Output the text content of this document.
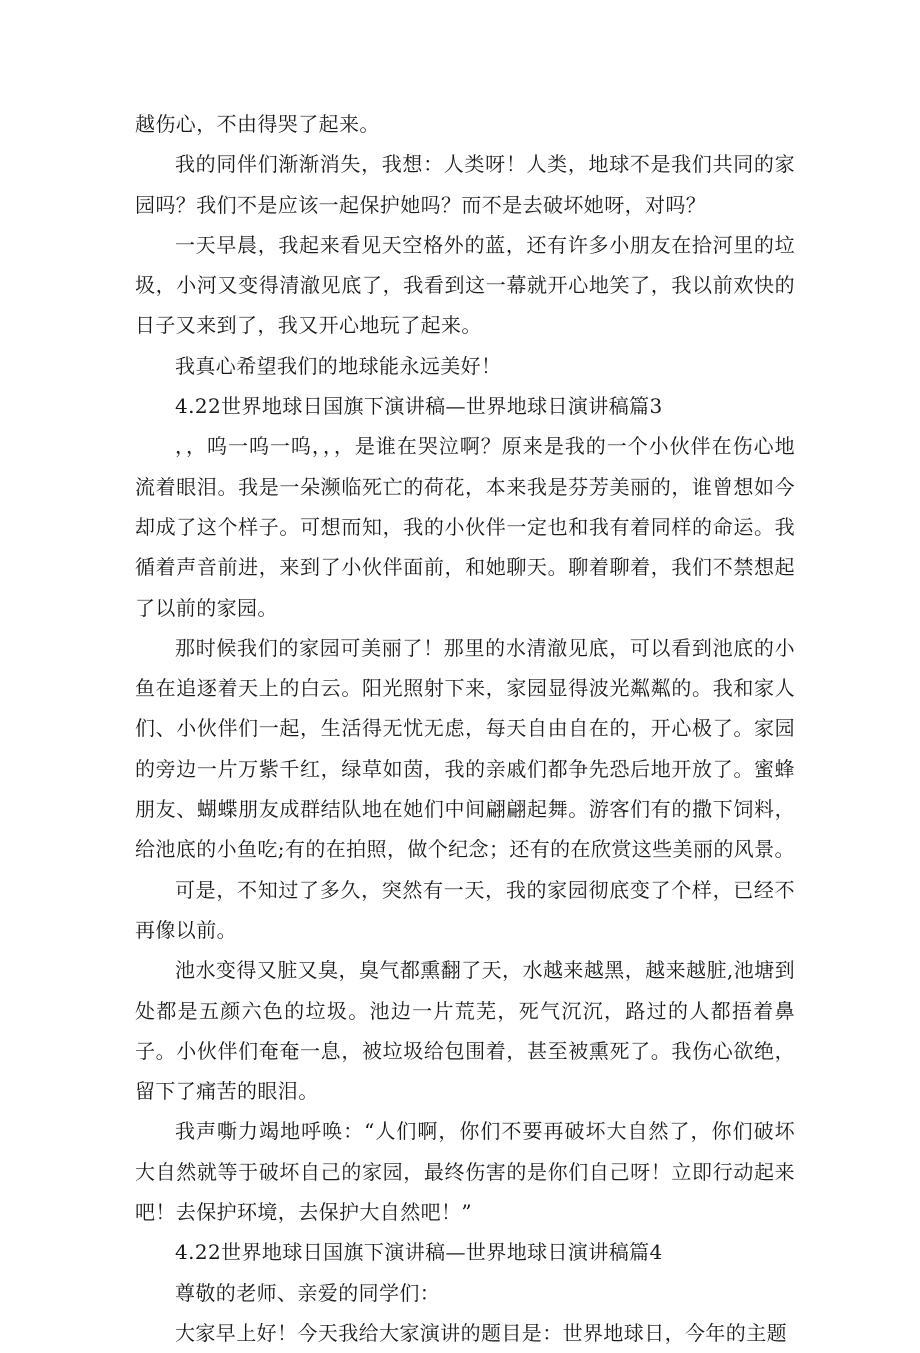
越伤心，不由得哭了起来。

我的同伴们渐渐消失，我想：人类呀！人类，地球不是我们共同的家园吗？我们不是应该一起保护她吗？而不是去破坏她呀，对吗？

一天早晨，我起来看见天空格外的蓝，还有许多小朋友在拾河里的垃圾，小河又变得清澈见底了，我看到这一幕就开心地笑了，我以前欢快的日子又来到了，我又开心地玩了起来。

我真心希望我们的地球能永远美好！

4.22世界地球日国旗下演讲稿—世界地球日演讲稿篇3

，，呜一呜一呜，，，是谁在哭泣啊？原来是我的一个小伙伴在伤心地流着眼泪。我是一朵濒临死亡的荷花，本来我是芬芳美丽的，谁曾想如今却成了这个样子。可想而知，我的小伙伴一定也和我有着同样的命运。我循着声音前进，来到了小伙伴面前，和她聊天。聊着聊着，我们不禁想起了以前的家园。

那时候我们的家园可美丽了！那里的水清澈见底，可以看到池底的小鱼在追逐着天上的白云。阳光照射下来，家园显得波光粼粼的。我和家人们、小伙伴们一起，生活得无忧无虑，每天自由自在的，开心极了。家园的旁边一片万紫千红，绿草如茵，我的亲戚们都争先恐后地开放了。蜜蜂朋友、蝴蝶朋友成群结队地在她们中间翩翩起舞。游客们有的撒下饲料，给池底的小鱼吃;有的在拍照，做个纪念；还有的在欣赏这些美丽的风景。

可是，不知过了多久，突然有一天，我的家园彻底变了个样，已经不再像以前。

池水变得又脏又臭，臭气都熏翻了天，水越来越黑，越来越脏,池塘到处都是五颜六色的垃圾。池边一片荒芜，死气沉沉，路过的人都捂着鼻子。小伙伴们奄奄一息，被垃圾给包围着，甚至被熏死了。我伤心欲绝，留下了痛苦的眼泪。

我声嘶力竭地呼唤：“人们啊，你们不要再破坏大自然了，你们破坏大自然就等于破坏自己的家园，最终伤害的是你们自己呀！立即行动起来吧！去保护环境，去保护大自然吧！”

4.22世界地球日国旗下演讲稿—世界地球日演讲稿篇4

尊敬的老师、亲爱的同学们：

大家早上好！今天我给大家演讲的题目是：世界地球日，今年的主题
